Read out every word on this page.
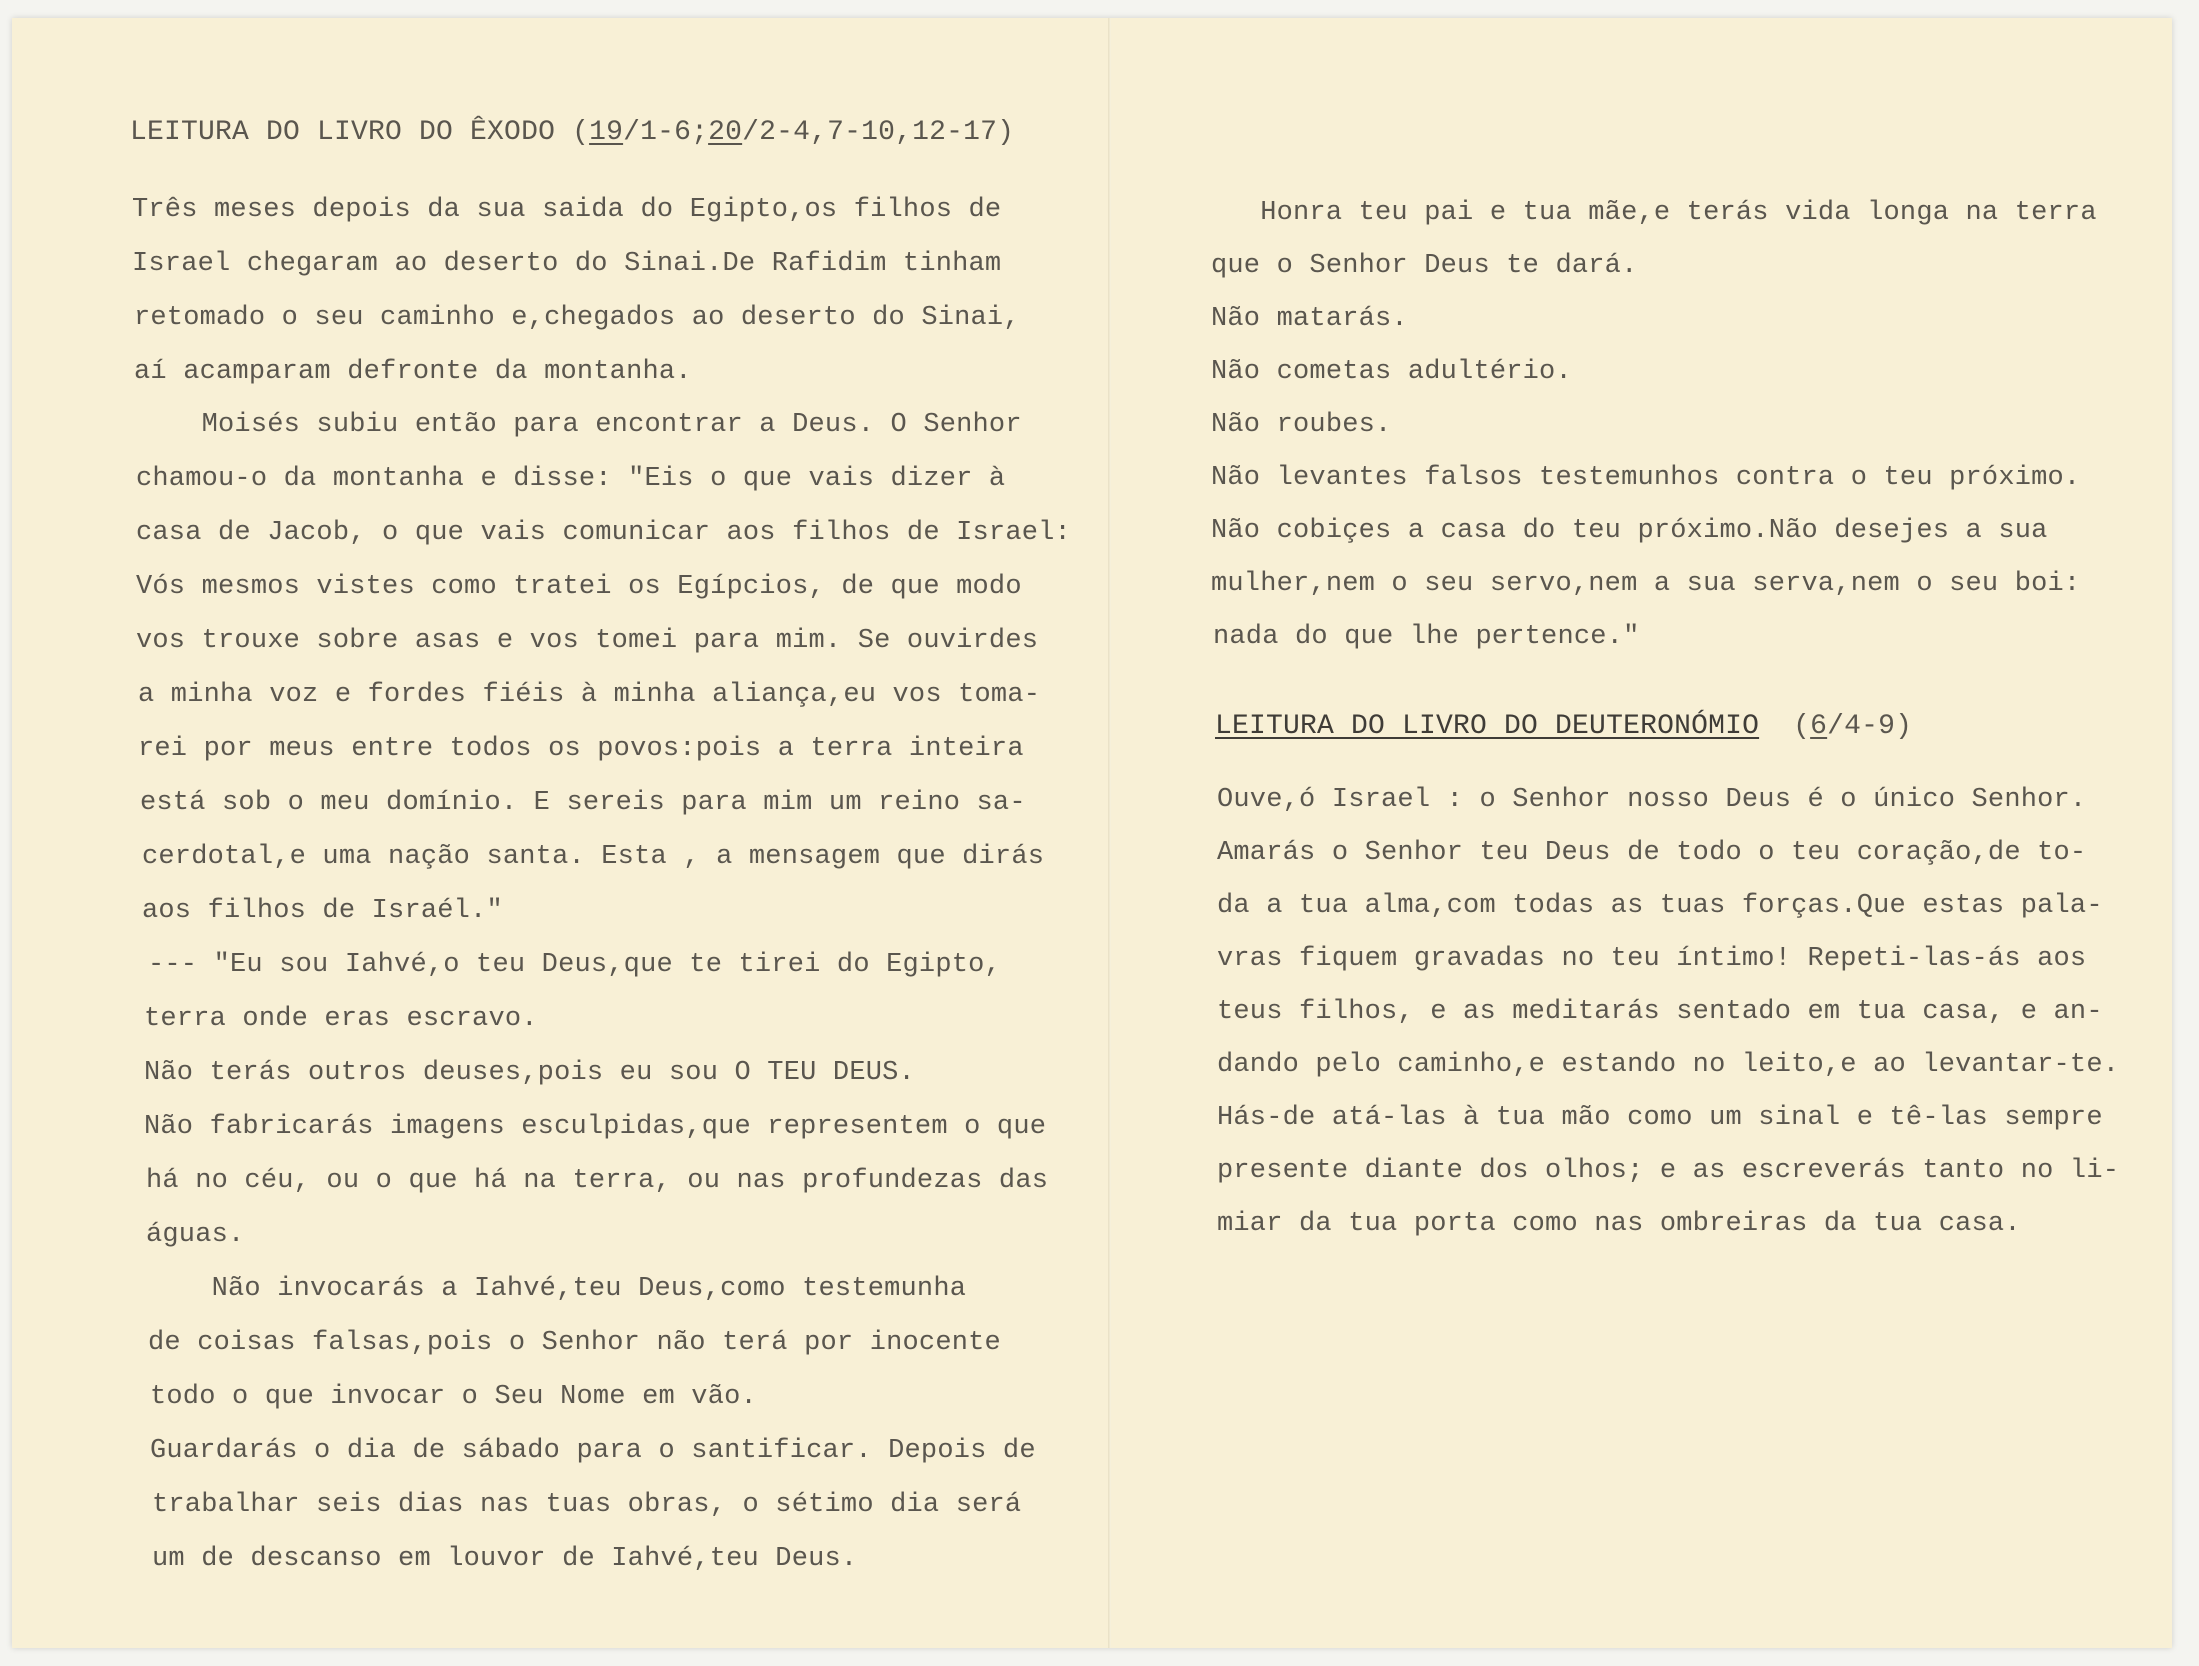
LEITURA DO LIVRO DO ÊXODO (19/1-6;20/2-4,7-10,12-17)
Três meses depois da sua saida do Egipto,os filhos de
Israel chegaram ao deserto do Sinai.De Rafidim tinham
retomado o seu caminho e,chegados ao deserto do Sinai,
aí acamparam defronte da montanha.
Moisés subiu então para encontrar a Deus. O Senhor
chamou-o da montanha e disse: "Eis o que vais dizer à
casa de Jacob, o que vais comunicar aos filhos de Israel:
Vós mesmos vistes como tratei os Egípcios, de que modo
vos trouxe sobre asas e vos tomei para mim. Se ouvirdes
a minha voz e fordes fiéis à minha aliança,eu vos toma-
rei por meus entre todos os povos:pois a terra inteira
está sob o meu domínio. E sereis para mim um reino sa-
cerdotal,e uma nação santa. Esta , a mensagem que dirás
aos filhos de Israél."
--- "Eu sou Iahvé,o teu Deus,que te tirei do Egipto,
terra onde eras escravo.
Não terás outros deuses,pois eu sou O TEU DEUS.
Não fabricarás imagens esculpidas,que representem o que
há no céu, ou o que há na terra, ou nas profundezas das
águas.
Não invocarás a Iahvé,teu Deus,como testemunha
de coisas falsas,pois o Senhor não terá por inocente
todo o que invocar o Seu Nome em vão.
Guardarás o dia de sábado para o santificar. Depois de
trabalhar seis dias nas tuas obras, o sétimo dia será
um de descanso em louvor de Iahvé,teu Deus.
Honra teu pai e tua mãe,e terás vida longa na terra
que o Senhor Deus te dará.
Não matarás.
Não cometas adultério.
Não roubes.
Não levantes falsos testemunhos contra o teu próximo.
Não cobiçes a casa do teu próximo.Não desejes a sua
mulher,nem o seu servo,nem a sua serva,nem o seu boi:
nada do que lhe pertence."
LEITURA DO LIVRO DO DEUTERONÓMIO (6/4-9)
Ouve,ó Israel : o Senhor nosso Deus é o único Senhor.
Amarás o Senhor teu Deus de todo o teu coração,de to-
da a tua alma,com todas as tuas forças.Que estas pala-
vras fiquem gravadas no teu íntimo! Repeti-las-ás aos
teus filhos, e as meditarás sentado em tua casa, e an-
dando pelo caminho,e estando no leito,e ao levantar-te.
Hás-de atá-las à tua mão como um sinal e tê-las sempre
presente diante dos olhos; e as escreverás tanto no li-
miar da tua porta como nas ombreiras da tua casa.
